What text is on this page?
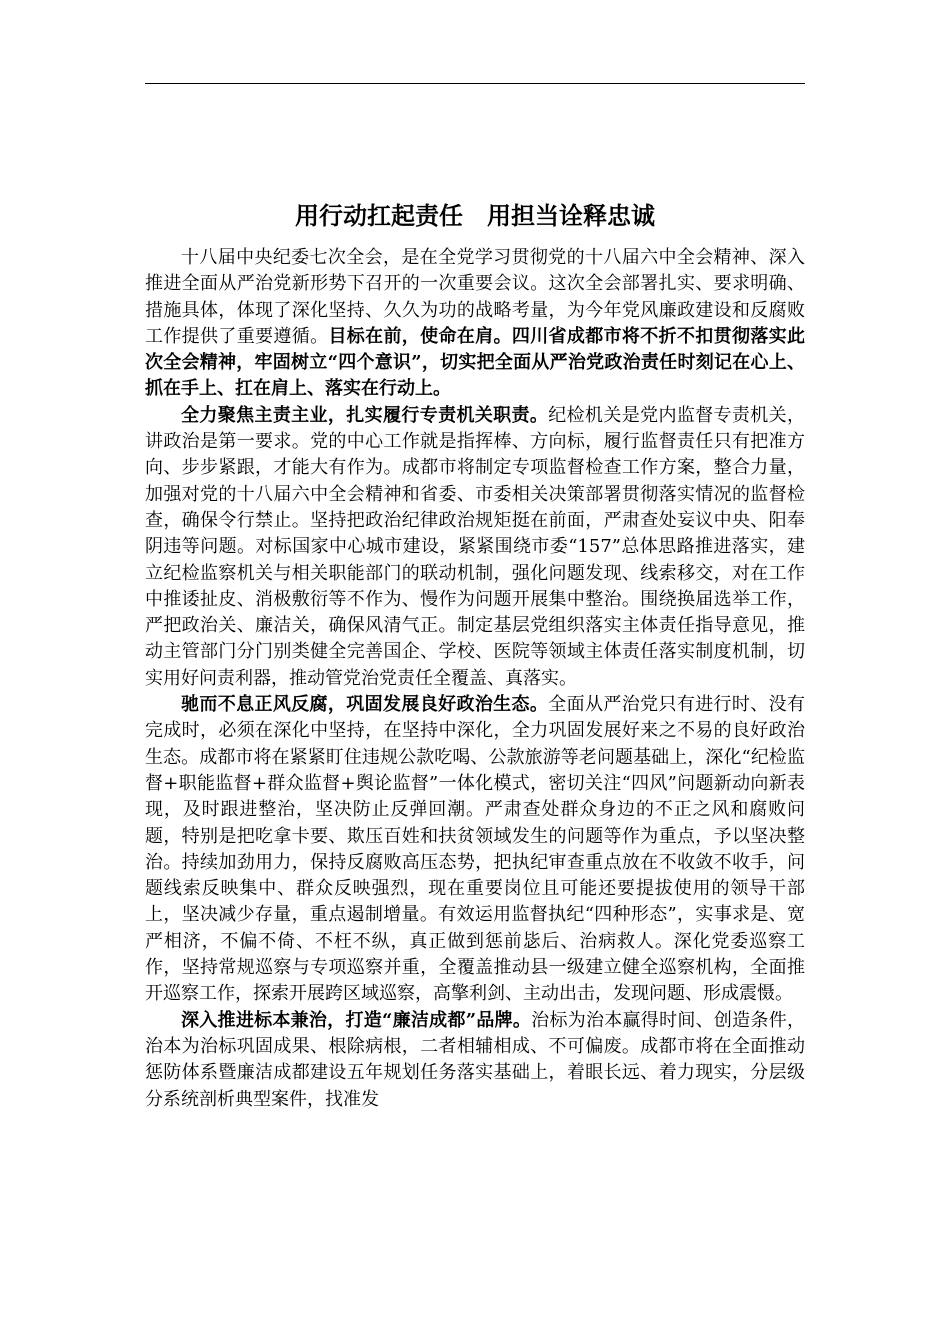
用行动扛起责任　用担当诠释忠诚

十八届中央纪委七次全会，是在全党学习贯彻党的十八届六中全会精神、深入推进全面从严治党新形势下召开的一次重要会议。这次全会部署扎实、要求明确、措施具体，体现了深化坚持、久久为功的战略考量，为今年党风廉政建设和反腐败工作提供了重要遵循。目标在前，使命在肩。四川省成都市将不折不扣贯彻落实此次全会精神，牢固树立“四个意识”，切实把全面从严治党政治责任时刻记在心上、抓在手上、扛在肩上、落实在行动上。

全力聚焦主责主业，扎实履行专责机关职责。纪检机关是党内监督专责机关，讲政治是第一要求。党的中心工作就是指挥棒、方向标，履行监督责任只有把准方向、步步紧跟，才能大有作为。成都市将制定专项监督检查工作方案，整合力量，加强对党的十八届六中全会精神和省委、市委相关决策部署贯彻落实情况的监督检查，确保令行禁止。坚持把政治纪律政治规矩挺在前面，严肃查处妄议中央、阳奉阴违等问题。对标国家中心城市建设，紧紧围绕市委“157”总体思路推进落实，建立纪检监察机关与相关职能部门的联动机制，强化问题发现、线索移交，对在工作中推诿扯皮、消极敷衍等不作为、慢作为问题开展集中整治。围绕换届选举工作，严把政治关、廉洁关，确保风清气正。制定基层党组织落实主体责任指导意见，推动主管部门分门别类健全完善国企、学校、医院等领域主体责任落实制度机制，切实用好问责利器，推动管党治党责任全覆盖、真落实。

驰而不息正风反腐，巩固发展良好政治生态。全面从严治党只有进行时、没有完成时，必须在深化中坚持，在坚持中深化，全力巩固发展好来之不易的良好政治生态。成都市将在紧紧盯住违规公款吃喝、公款旅游等老问题基础上，深化“纪检监督+职能监督+群众监督+舆论监督”一体化模式，密切关注“四风”问题新动向新表现，及时跟进整治，坚决防止反弹回潮。严肃查处群众身边的不正之风和腐败问题，特别是把吃拿卡要、欺压百姓和扶贫领域发生的问题等作为重点，予以坚决整治。持续加劲用力，保持反腐败高压态势，把执纪审查重点放在不收敛不收手，问题线索反映集中、群众反映强烈，现在重要岗位且可能还要提拔使用的领导干部上，坚决减少存量，重点遏制增量。有效运用监督执纪“四种形态”，实事求是、宽严相济，不偏不倚、不枉不纵，真正做到惩前毖后、治病救人。深化党委巡察工作，坚持常规巡察与专项巡察并重，全覆盖推动县一级建立健全巡察机构，全面推开巡察工作，探索开展跨区域巡察，高擎利剑、主动出击，发现问题、形成震慑。

深入推进标本兼治，打造“廉洁成都”品牌。治标为治本赢得时间、创造条件，治本为治标巩固成果、根除病根，二者相辅相成、不可偏废。成都市将在全面推动惩防体系暨廉洁成都建设五年规划任务落实基础上，着眼长远、着力现实，分层级分系统剖析典型案件，找准发
